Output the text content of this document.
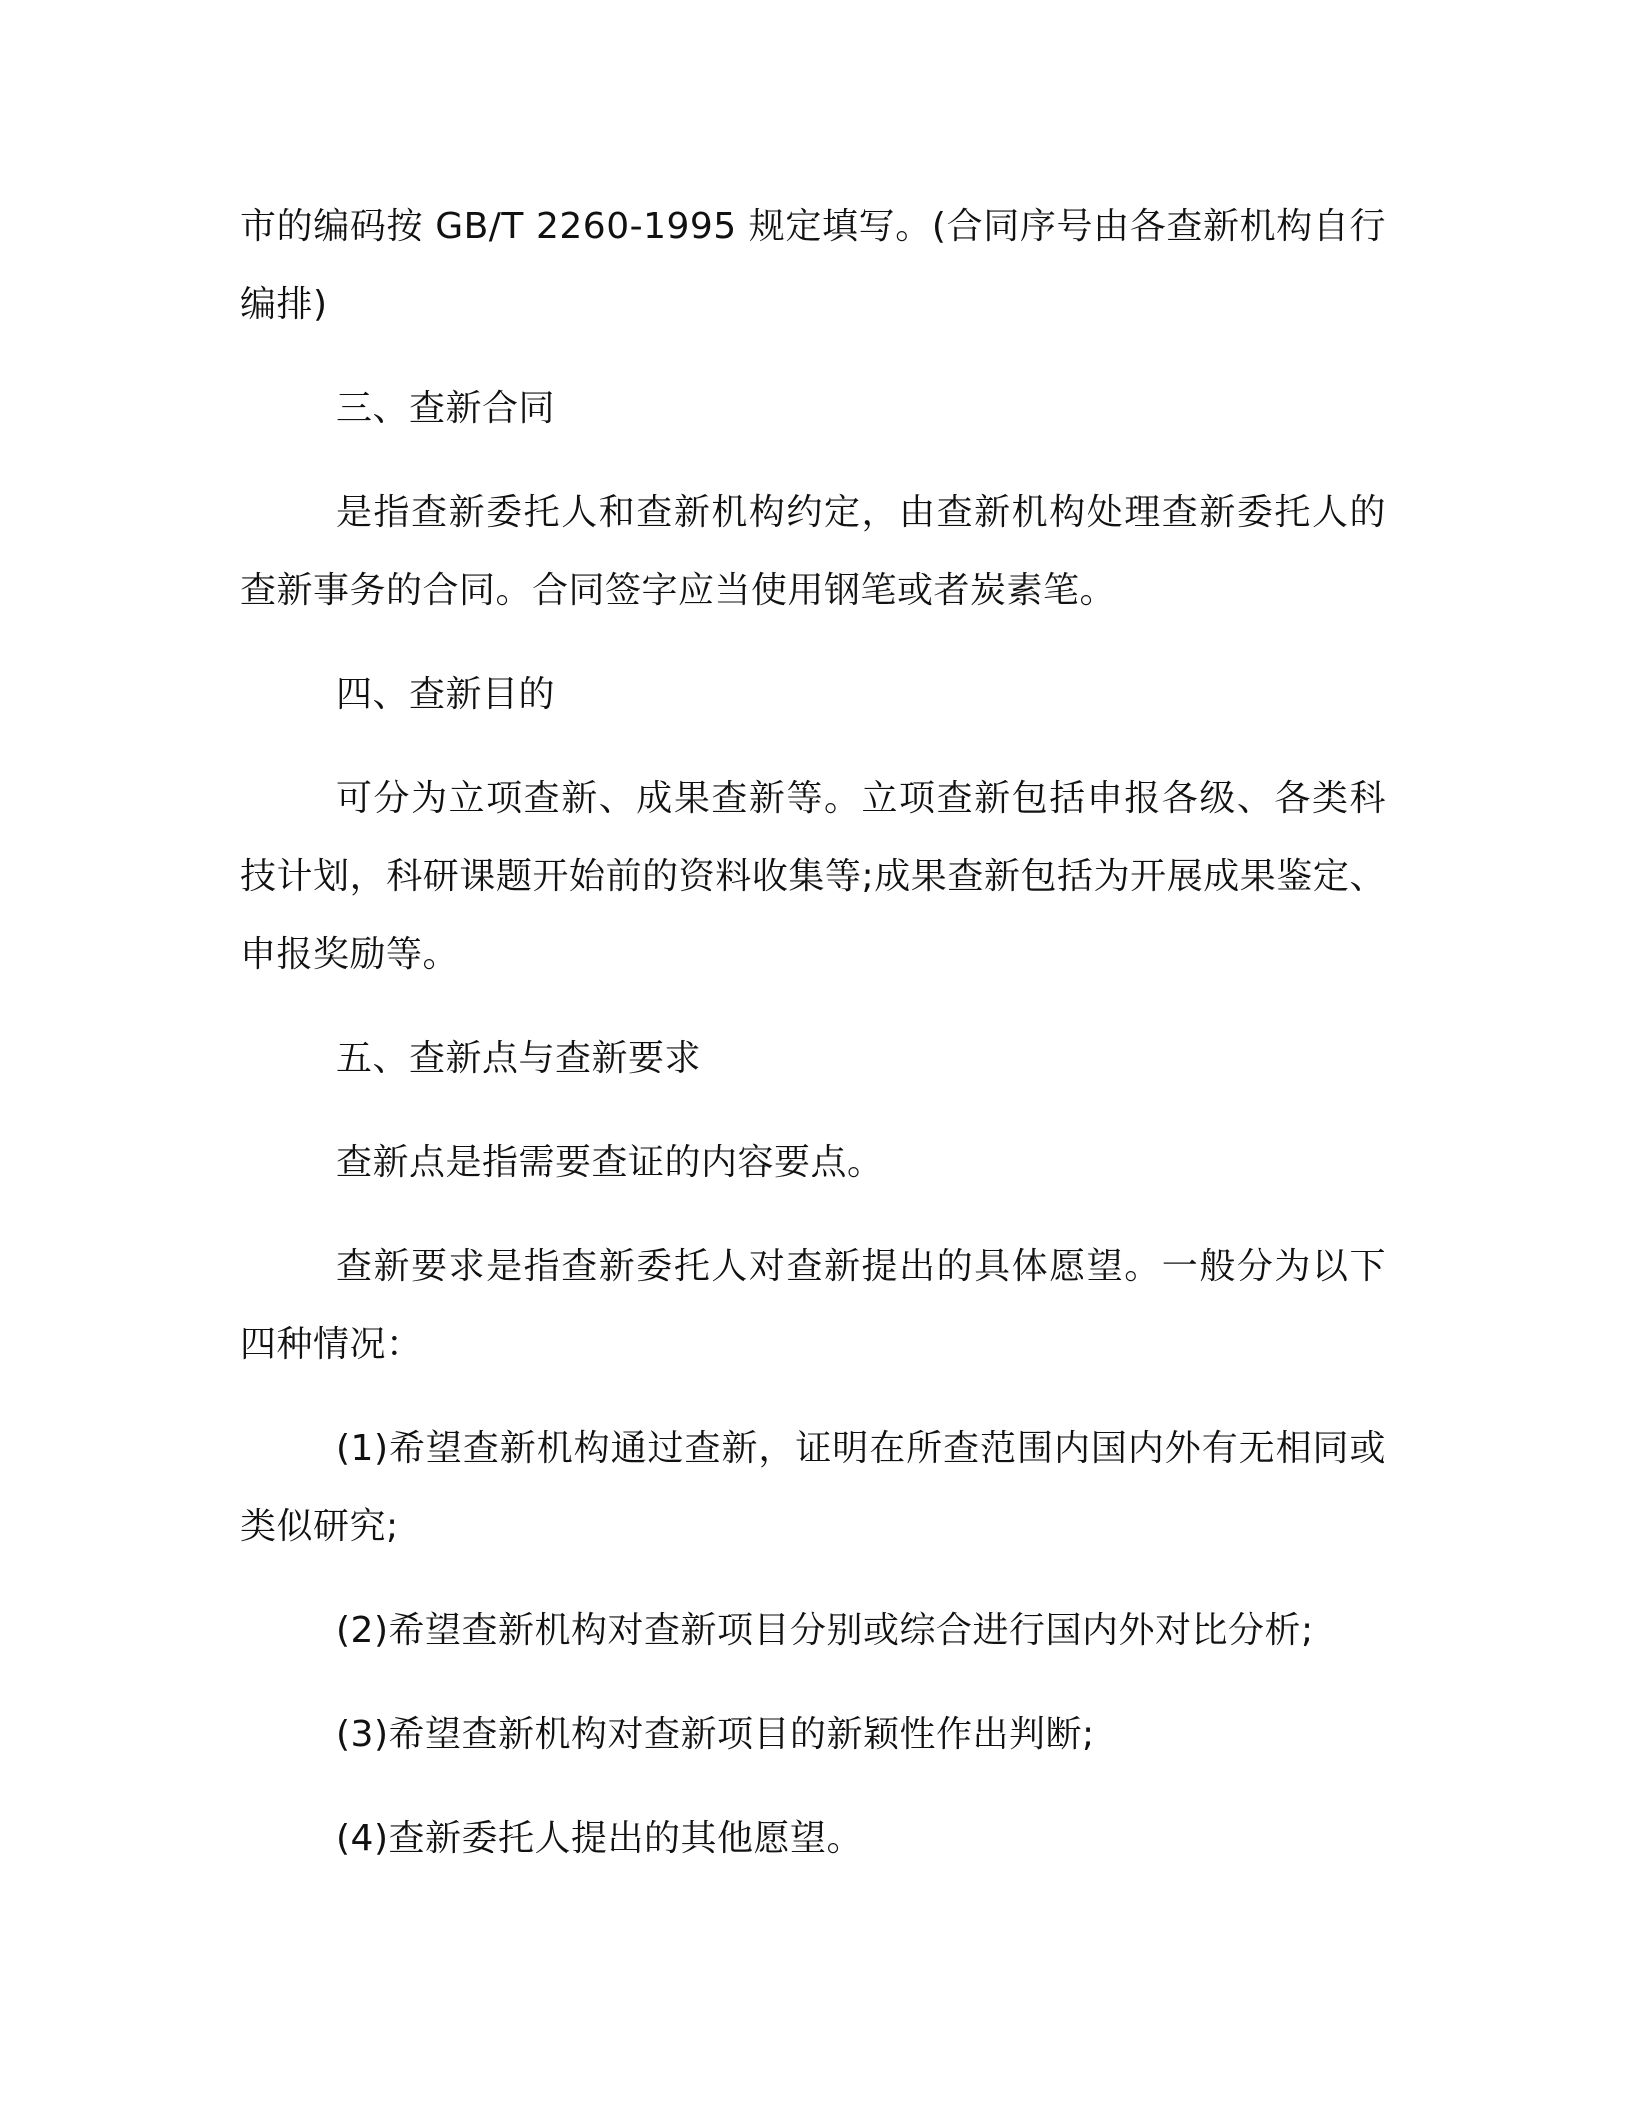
市的编码按 GB/T 2260-1995 规定填写。(合同序号由各查新机构自行编排)

三、查新合同

是指查新委托人和查新机构约定，由查新机构处理查新委托人的查新事务的合同。合同签字应当使用钢笔或者炭素笔。

四、查新目的

可分为立项查新、成果查新等。立项查新包括申报各级、各类科技计划，科研课题开始前的资料收集等;成果查新包括为开展成果鉴定、申报奖励等。

五、查新点与查新要求

查新点是指需要查证的内容要点。

查新要求是指查新委托人对查新提出的具体愿望。一般分为以下四种情况：

(1)希望查新机构通过查新，证明在所查范围内国内外有无相同或类似研究;

(2)希望查新机构对查新项目分别或综合进行国内外对比分析;

(3)希望查新机构对查新项目的新颖性作出判断;

(4)查新委托人提出的其他愿望。
